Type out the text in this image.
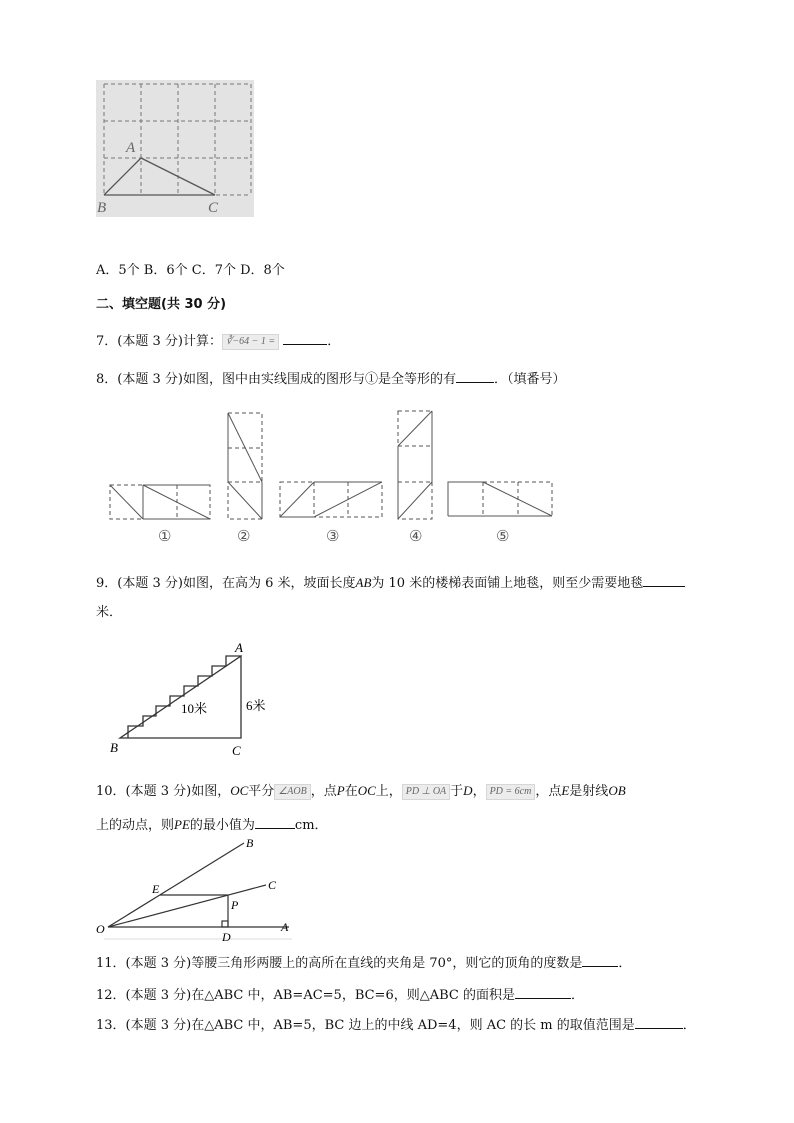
A
B	C
A．5个 B．6个 C．7个 D．8个
二、填空题(共 30 分)
7．(本题 3 分)计算： ∛−64 − 1 =	．
8．(本题 3 分)如图，图中由实线围成的图形与①是全等形的有	．（填番号）
①	②	③	④	⑤
9．(本题 3 分)如图，在高为 6 米，坡面长度AB为 10 米的楼梯表面铺上地毯，则至少需要地毯
米．
A
B	C
10米	6米
10．(本题 3 分)如图，OC平分 ∠AOB ，点P在OC上， PD ⊥ OA 于D， PD = 6cm ，点E是射线OB
上的动点，则PE的最小值为	cm．
O	A
B
C
E
P
D
11．(本题 3 分)等腰三角形两腰上的高所在直线的夹角是 70°，则它的顶角的度数是	．
12．(本题 3 分)在△ABC 中，AB=AC=5，BC=6，则△ABC 的面积是	．
13．(本题 3 分)在△ABC 中，AB=5，BC 边上的中线 AD=4，则 AC 的长 m 的取值范围是	．
